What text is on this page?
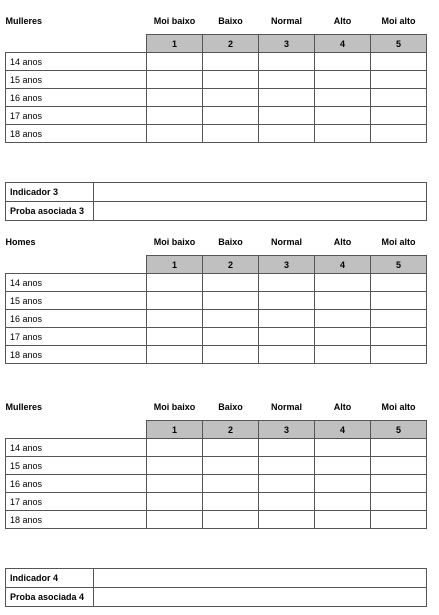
Mulleres	Moi baixo	Baixo	Normal	Alto	Moi alto
	1	2	3	4	5
14 anos					
15 anos					
16 anos					
17 anos					
18 anos					
Indicador 3	
Proba asociada 3	
Homes	Moi baixo	Baixo	Normal	Alto	Moi alto
	1	2	3	4	5
14 anos					
15 anos					
16 anos					
17 anos					
18 anos					
Mulleres	Moi baixo	Baixo	Normal	Alto	Moi alto
	1	2	3	4	5
14 anos					
15 anos					
16 anos					
17 anos					
18 anos					
Indicador 4	
Proba asociada 4	
